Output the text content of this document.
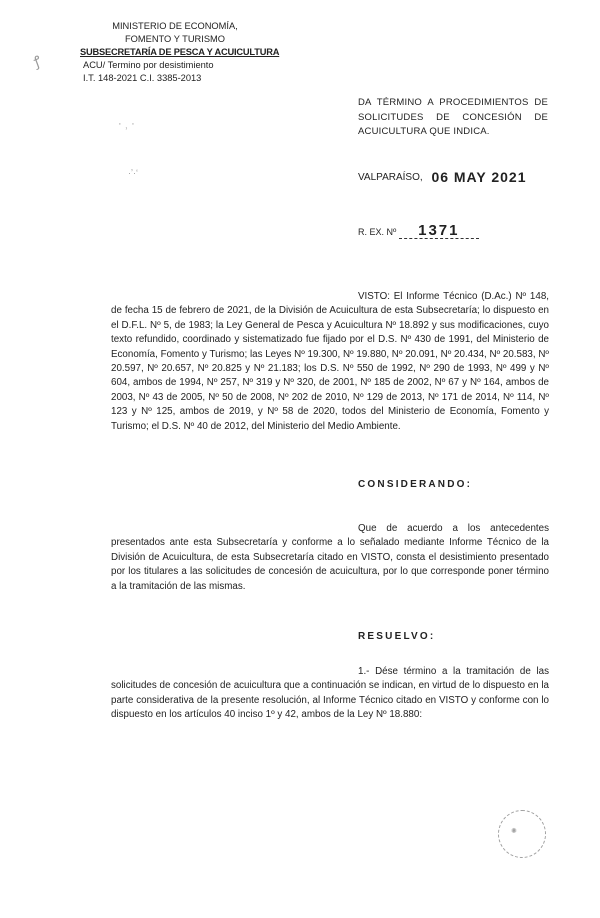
MINISTERIO DE ECONOMÍA,
FOMENTO Y TURISMO
SUBSECRETARÍA DE PESCA Y ACUICULTURA
ACU/ Termino por desistimiento
I.T. 148-2021 C.I. 3385-2013
ꝭ
· ⸒ ·
·ʼ·ʻ
DA TÉRMINO A PROCEDIMIENTOS DE SOLICITUDES DE CONCESIÓN DE ACUICULTURA QUE INDICA.
VALPARAÍSO, 06 MAY 2021
R. EX. Nº 1371
VISTO: El Informe Técnico (D.Ac.) Nº 148, de fecha 15 de febrero de 2021, de la División de Acuicultura de esta Subsecretaría; lo dispuesto en el D.F.L. Nº 5, de 1983; la Ley General de Pesca y Acuicultura Nº 18.892 y sus modificaciones, cuyo texto refundido, coordinado y sistematizado fue fijado por el D.S. Nº 430 de 1991, del Ministerio de Economía, Fomento y Turismo; las Leyes Nº 19.300, Nº 19.880, Nº 20.091, Nº 20.434, Nº 20.583, Nº 20.597, Nº 20.657, Nº 20.825 y Nº 21.183; los D.S. Nº 550 de 1992, Nº 290 de 1993, Nº 499 y Nº 604, ambos de 1994, Nº 257, Nº 319 y Nº 320, de 2001, Nº 185 de 2002, Nº 67 y Nº 164, ambos de 2003, Nº 43 de 2005, Nº 50 de 2008, Nº 202 de 2010, Nº 129 de 2013, Nº 171 de 2014, Nº 114, Nº 123 y Nº 125, ambos de 2019, y Nº 58 de 2020, todos del Ministerio de Economía, Fomento y Turismo; el D.S. Nº 40 de 2012, del Ministerio del Medio Ambiente.
CONSIDERANDO:
Que de acuerdo a los antecedentes presentados ante esta Subsecretaría y conforme a lo señalado mediante Informe Técnico de la División de Acuicultura, de esta Subsecretaría citado en VISTO, consta el desistimiento presentado por los titulares a las solicitudes de concesión de acuicultura, por lo que corresponde poner término a la tramitación de las mismas.
RESUELVO:
1.- Dése término a la tramitación de las solicitudes de concesión de acuicultura que a continuación se indican, en virtud de lo dispuesto en la parte considerativa de la presente resolución, al Informe Técnico citado en VISTO y conforme con lo dispuesto en los artículos 40 inciso 1º y 42, ambos de la Ley Nº 18.880:
✺
